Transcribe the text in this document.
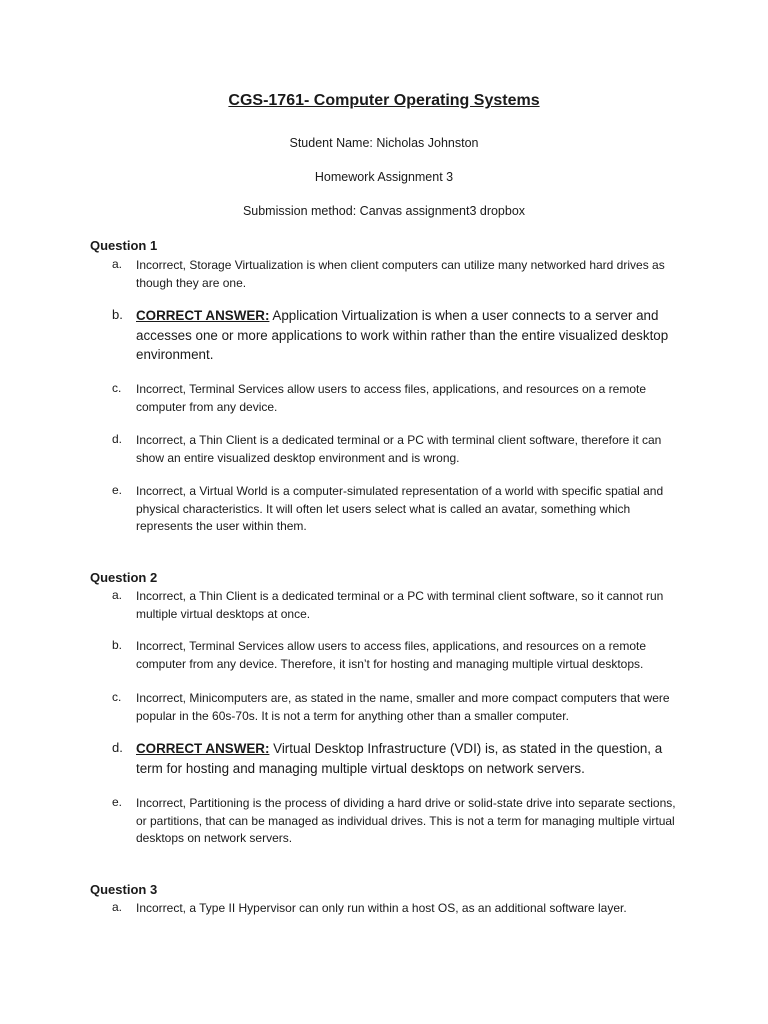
CGS-1761- Computer Operating Systems

Student Name: Nicholas Johnston

Homework Assignment 3

Submission method: Canvas assignment3 dropbox

Question 1

a. Incorrect, Storage Virtualization is when client computers can utilize many networked hard drives as though they are one.
b. CORRECT ANSWER: Application Virtualization is when a user connects to a server and accesses one or more applications to work within rather than the entire visualized desktop environment.
c. Incorrect, Terminal Services allow users to access files, applications, and resources on a remote computer from any device.
d. Incorrect, a Thin Client is a dedicated terminal or a PC with terminal client software, therefore it can show an entire visualized desktop environment and is wrong.
e. Incorrect, a Virtual World is a computer-simulated representation of a world with specific spatial and physical characteristics. It will often let users select what is called an avatar, something which represents the user within them.

Question 2

a. Incorrect, a Thin Client is a dedicated terminal or a PC with terminal client software, so it cannot run multiple virtual desktops at once.
b. Incorrect, Terminal Services allow users to access files, applications, and resources on a remote computer from any device. Therefore, it isn’t for hosting and managing multiple virtual desktops.
c. Incorrect, Minicomputers are, as stated in the name, smaller and more compact computers that were popular in the 60s-70s. It is not a term for anything other than a smaller computer.
d. CORRECT ANSWER: Virtual Desktop Infrastructure (VDI) is, as stated in the question, a term for hosting and managing multiple virtual desktops on network servers.
e. Incorrect, Partitioning is the process of dividing a hard drive or solid-state drive into separate sections, or partitions, that can be managed as individual drives. This is not a term for managing multiple virtual desktops on network servers.

Question 3

a. Incorrect, a Type II Hypervisor can only run within a host OS, as an additional software layer.
